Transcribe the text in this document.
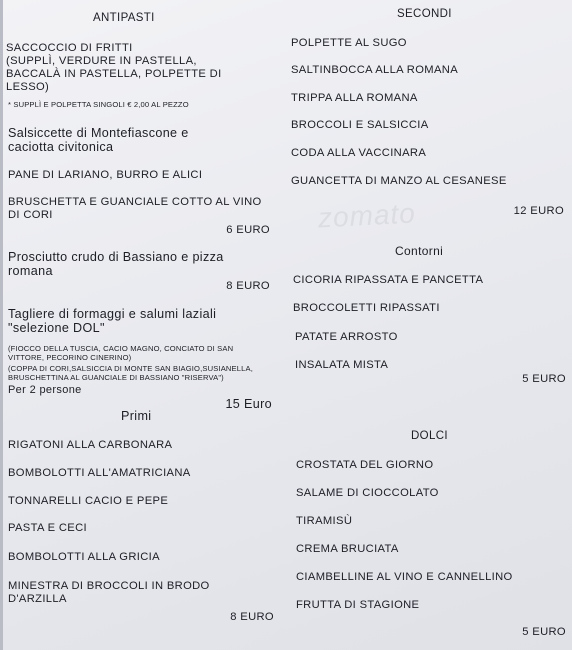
zomato
ANTIPASTI

SACCOCCIO DI FRITTI

(SUPPLÌ, VERDURE IN PASTELLA,

BACCALÀ IN PASTELLA, POLPETTE DI

LESSO)

* SUPPLÌ E POLPETTA SINGOLI € 2,00 AL PEZZO

Salsiccette di Montefiascone e

caciotta civitonica

PANE DI LARIANO, BURRO E ALICI

BRUSCHETTA E GUANCIALE COTTO AL VINO

DI CORI

6 EURO

Prosciutto crudo di Bassiano e pizza

romana

8 EURO

Tagliere di formaggi e salumi laziali

"selezione DOL"

(FIOCCO DELLA TUSCIA, CACIO MAGNO, CONCIATO DI SAN

VITTORE, PECORINO CINERINO)

(COPPA DI CORI,SALSICCIA DI MONTE SAN BIAGIO,SUSIANELLA,

BRUSCHETTINA AL GUANCIALE DI BASSIANO "RISERVA")

Per 2 persone

15 Euro

Primi

RIGATONI ALLA CARBONARA

BOMBOLOTTI ALL'AMATRICIANA

TONNARELLI CACIO E PEPE

PASTA E CECI

BOMBOLOTTI ALLA GRICIA

MINESTRA DI BROCCOLI IN BRODO

D'ARZILLA

8 EURO

SECONDI

POLPETTE AL SUGO

SALTINBOCCA ALLA ROMANA

TRIPPA ALLA ROMANA

BROCCOLI E SALSICCIA

CODA ALLA VACCINARA

GUANCETTA DI MANZO AL CESANESE

12 EURO

Contorni

CICORIA RIPASSATA E PANCETTA

BROCCOLETTI RIPASSATI

PATATE ARROSTO

INSALATA MISTA

5 EURO

DOLCI

CROSTATA DEL GIORNO

SALAME DI CIOCCOLATO

TIRAMISÙ

CREMA BRUCIATA

CIAMBELLINE AL VINO E CANNELLINO

FRUTTA DI STAGIONE

5 EURO
